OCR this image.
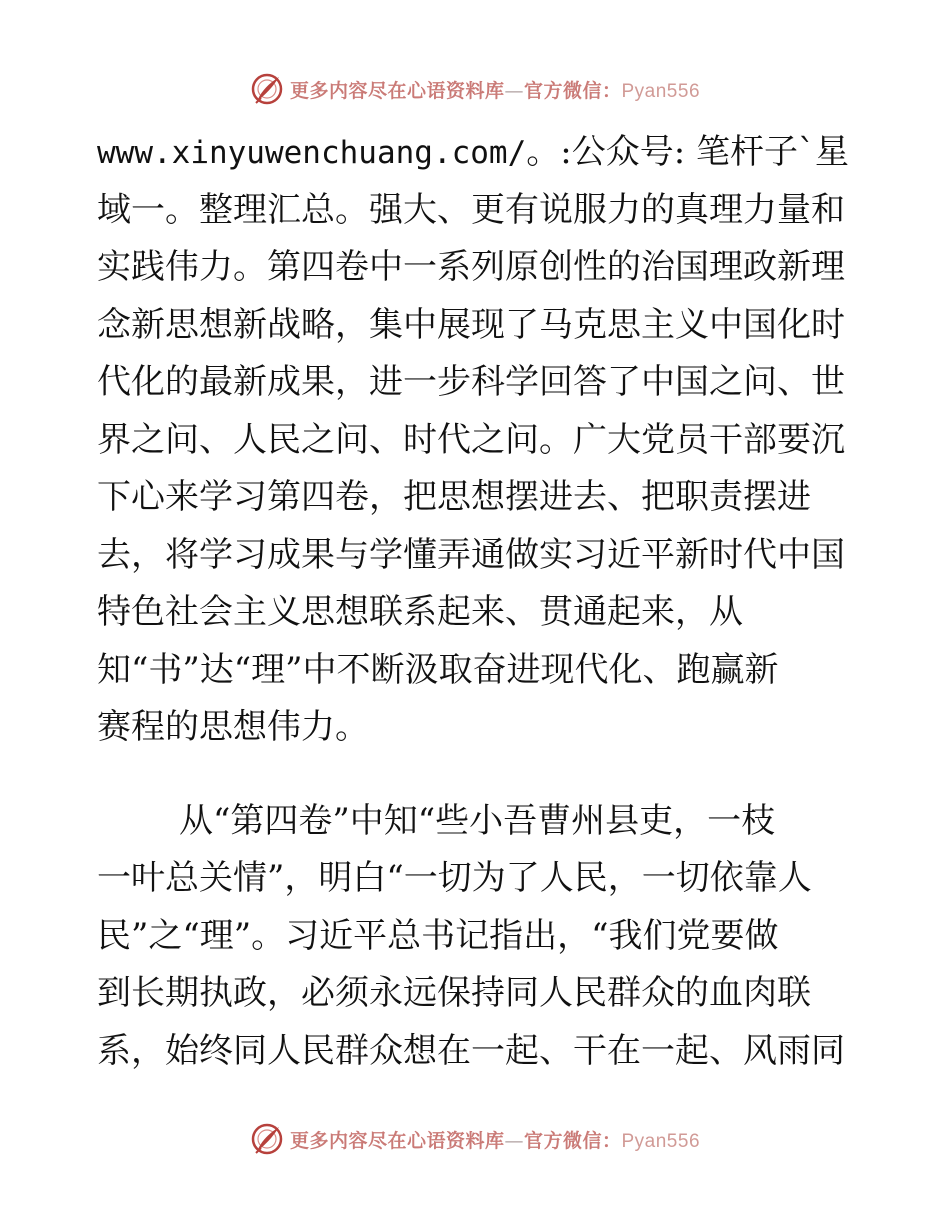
更多内容尽在心语资料库—官方微信：Pyan556
www.xinyuwenchuang.com/。:公众号: 笔杆子`星
域一。整理汇总。强大、更有说服力的真理力量和
实践伟力。第四卷中一系列原创性的治国理政新理
念新思想新战略，集中展现了马克思主义中国化时
代化的最新成果，进一步科学回答了中国之问、世
界之问、人民之问、时代之问。广大党员干部要沉
下心来学习第四卷，把思想摆进去、把职责摆进
去，将学习成果与学懂弄通做实习近平新时代中国
特色社会主义思想联系起来、贯通起来，从
知“书”达“理”中不断汲取奋进现代化、跑赢新
赛程的思想伟力。
从“第四卷”中知“些小吾曹州县吏，一枝
一叶总关情”，明白“一切为了人民，一切依靠人
民”之“理”。习近平总书记指出，“我们党要做
到长期执政，必须永远保持同人民群众的血肉联
系，始终同人民群众想在一起、干在一起、风雨同
更多内容尽在心语资料库—官方微信：Pyan556
